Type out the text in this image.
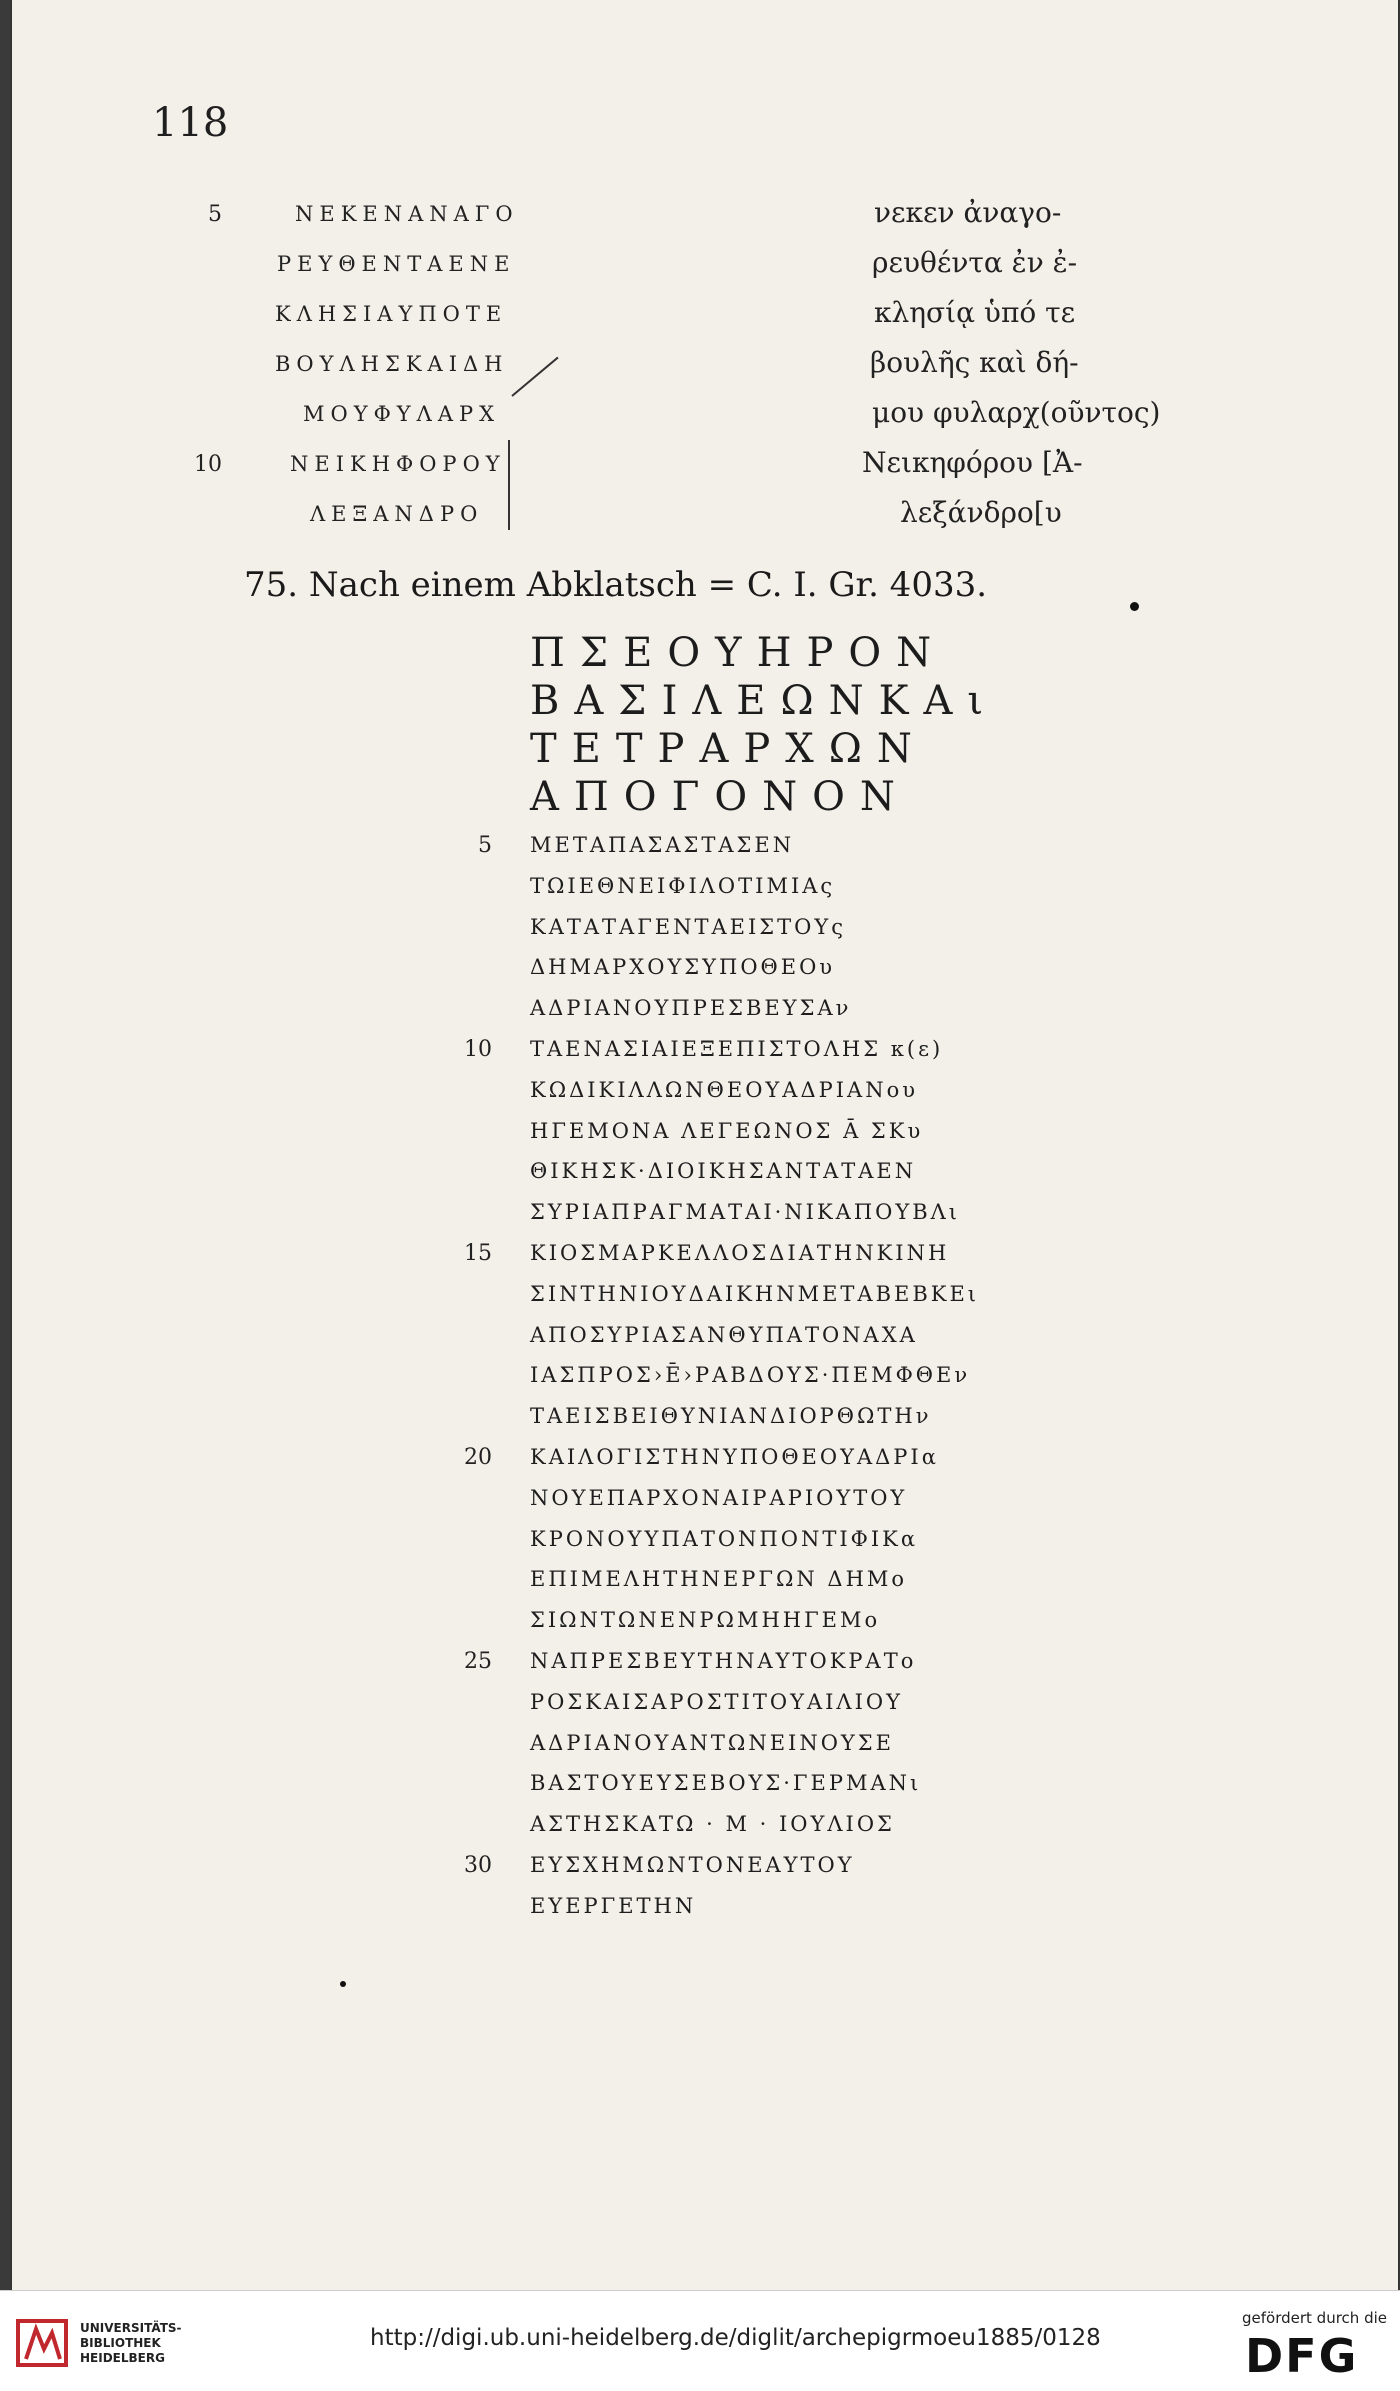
118
5	ΝΕΚΕΝΑΝΑΓΟ	νεκεν ἀναγο-
ΡΕΥΘΕΝΤΑΕΝΕ	ρευθέντα ἐν ἐ-
ΚΛΗΣΙΑΥΠΟΤΕ	κλησίᾳ ὑπό τε
ΒΟΥΛΗΣΚΑΙΔΗ	βουλῆς καὶ δή-
ΜΟΥΦΥΛΑΡΧ	μου φυλαρχ(οῦντος)
10	ΝΕΙΚΗΦΟΡΟΥ	Νεικηφόρου [Ἀ-
ΛΕΞΑΝΔΡΟ	λεξάνδρο[υ
75. Nach einem Abklatsch = C. I. Gr. 4033.
ΠΣΕΟΥΗΡΟΝ
ΒΑΣΙΛΕΩΝΚΑι
ΤΕΤΡΑΡΧΩΝ
ΑΠΟΓΟΝΟΝ
5 ΜΕΤΑΠΑΣΑΣΤΑΣΕΝ
ΤΩΙΕΘΝΕΙΦΙΛΟΤΙΜΙΑς
ΚΑΤΑΤΑΓΕΝΤΑΕΙΣΤΟΥς
ΔΗΜΑΡΧΟΥΣΥΠΟΘΕΟυ
ΑΔΡΙΑΝΟΥΠΡΕΣΒΕΥΣΑν
10 ΤΑΕΝΑΣΙΑΙΕΞΕΠΙΣΤΟΛΗΣ κ(ε)
ΚΩΔΙΚΙΛΛΩΝΘΕΟΥΑΔΡΙΑΝου
ΗΓΕΜΟΝΑ ΛΕΓΕΩΝΟΣ Ā ΣΚυ
ΘΙΚΗΣΚ·ΔΙΟΙΚΗΣΑΝΤΑΤΑΕΝ
ΣΥΡΙΑΠΡΑΓΜΑΤΑΙ·ΝΙΚΑΠΟΥΒΛι
15 ΚΙΟΣΜΑΡΚΕΛΛΟΣΔΙΑΤΗΝΚΙΝΗ
ΣΙΝΤΗΝΙΟΥΔΑΙΚΗΝΜΕΤΑΒΕΒΚΕι
ΑΠΟΣΥΡΙΑΣΑΝΘΥΠΑΤΟΝΑΧΑ
ΙΑΣΠΡΟΣ›Ē›ΡΑΒΔΟΥΣ·ΠΕΜΦΘΕν
ΤΑΕΙΣΒΕΙΘΥΝΙΑΝΔΙΟΡΘΩΤΗν
20 ΚΑΙΛΟΓΙΣΤΗΝΥΠΟΘΕΟΥΑΔΡΙα
ΝΟΥΕΠΑΡΧΟΝΑΙΡΑΡΙΟΥΤΟΥ
ΚΡΟΝΟΥΥΠΑΤΟΝΠΟΝΤΙΦΙΚα
ΕΠΙΜΕΛΗΤΗΝΕΡΓΩΝ ΔΗΜο
ΣΙΩΝΤΩΝΕΝΡΩΜΗΗΓΕΜο
25 ΝΑΠΡΕΣΒΕΥΤΗΝΑΥΤΟΚΡΑΤο
ΡΟΣΚΑΙΣΑΡΟΣΤΙΤΟΥΑΙΛΙΟΥ
ΑΔΡΙΑΝΟΥΑΝΤΩΝΕΙΝΟΥΣΕ
ΒΑΣΤΟΥΕΥΣΕΒΟΥΣ·ΓΕΡΜΑΝι
ΑΣΤΗΣΚΑΤΩ · Μ · ΙΟΥΛΙΟΣ
30 ΕΥΣΧΗΜΩΝΤΟΝΕΑΥΤΟΥ
ΕΥΕΡΓΕΤΗΝ
UNIVERSITÄTS-
BIBLIOTHEK
HEIDELBERG
http://digi.ub.uni-heidelberg.de/diglit/archepigrmoeu1885/0128
gefördert durch die
DFG
